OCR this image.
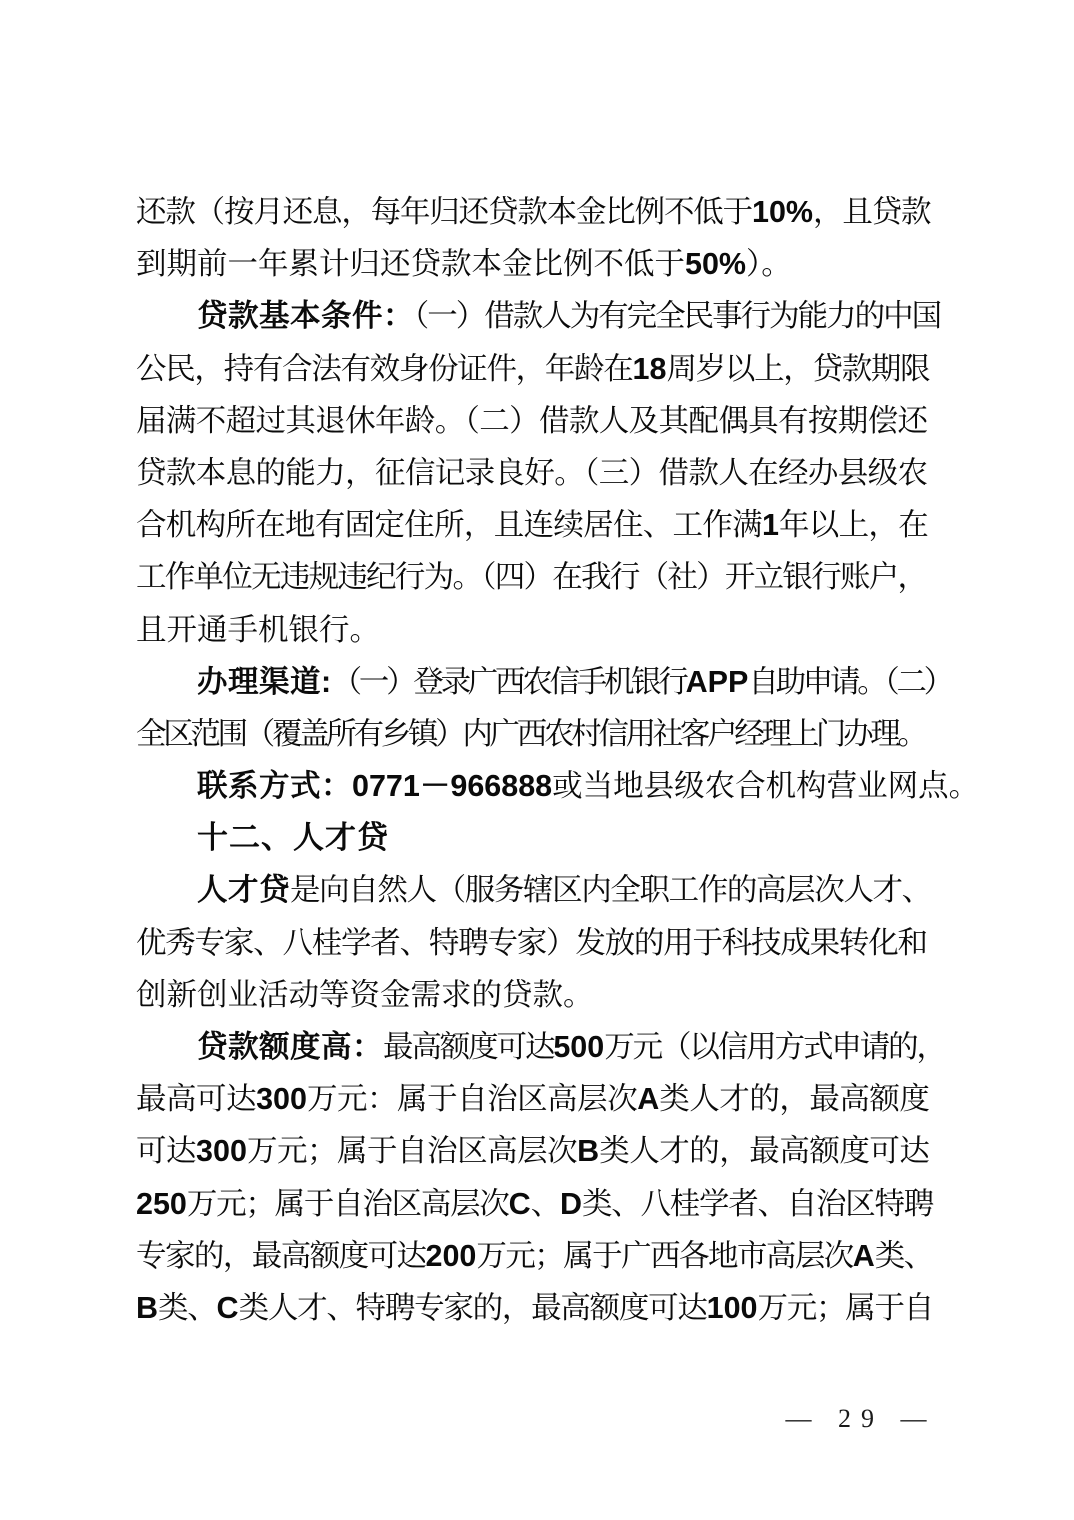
还款（按月还息，每年归还贷款本金比例不低于10%，且贷款
到期前一年累计归还贷款本金比例不低于50%）。
贷款基本条件：（一）借款人为有完全民事行为能力的中国
公民，持有合法有效身份证件，年龄在18周岁以上，贷款期限
届满不超过其退休年龄。（二）借款人及其配偶具有按期偿还
贷款本息的能力，征信记录良好。（三）借款人在经办县级农
合机构所在地有固定住所，且连续居住、工作满1年以上，在
工作单位无违规违纪行为。（四）在我行（社）开立银行账户，
且开通手机银行。
办理渠道:（一）登录广西农信手机银行APP自助申请。（二）
全区范围（覆盖所有乡镇）内广西农村信用社客户经理上门办理。
联系方式：0771－966888或当地县级农合机构营业网点。
十二、人才贷
人才贷是向自然人（服务辖区内全职工作的高层次人才、
优秀专家、八桂学者、特聘专家）发放的用于科技成果转化和
创新创业活动等资金需求的贷款。
贷款额度高：最高额度可达500万元（以信用方式申请的，
最高可达300万元：属于自治区高层次A类人才的，最高额度
可达300万元；属于自治区高层次B类人才的，最高额度可达
250万元；属于自治区高层次C、D类、八桂学者、自治区特聘
专家的，最高额度可达200万元；属于广西各地市高层次A类、
B类、C类人才、特聘专家的，最高额度可达100万元；属于自
— 29 —
